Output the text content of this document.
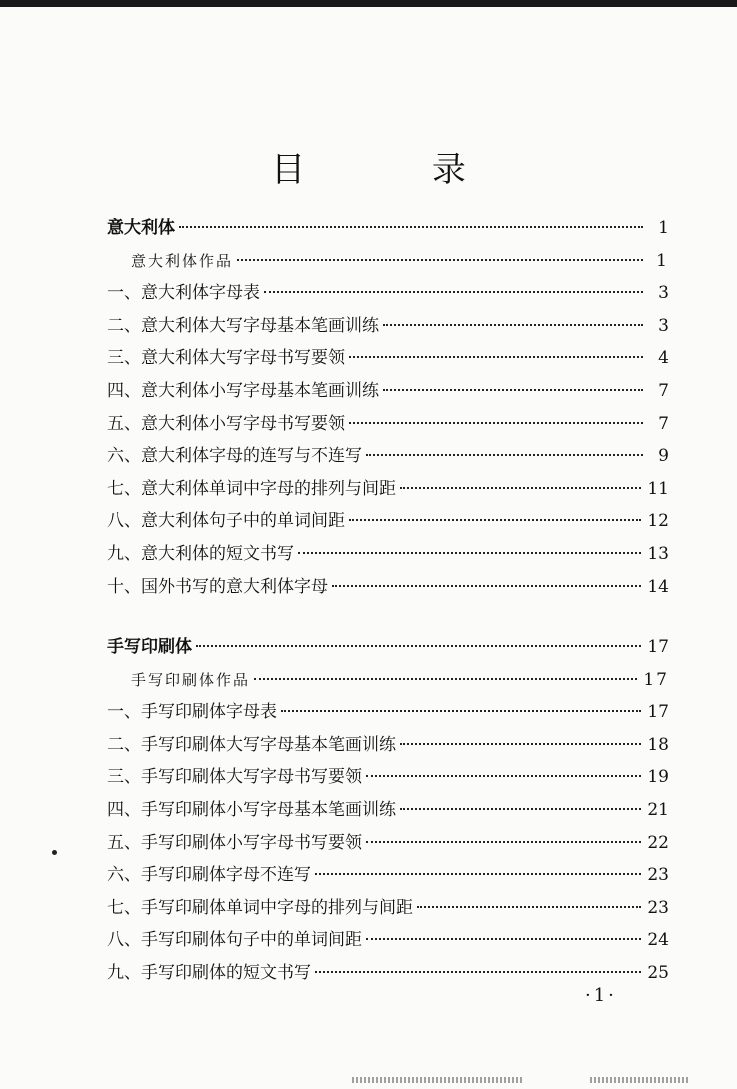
目 录
意大利体	1
意大利体作品	1
一、意大利体字母表	3
二、意大利体大写字母基本笔画训练	3
三、意大利体大写字母书写要领	4
四、意大利体小写字母基本笔画训练	7
五、意大利体小写字母书写要领	7
六、意大利体字母的连写与不连写	9
七、意大利体单词中字母的排列与间距	11
八、意大利体句子中的单词间距	12
九、意大利体的短文书写	13
十、国外书写的意大利体字母	14
手写印刷体	17
手写印刷体作品	17
一、手写印刷体字母表	17
二、手写印刷体大写字母基本笔画训练	18
三、手写印刷体大写字母书写要领	19
四、手写印刷体小写字母基本笔画训练	21
五、手写印刷体小写字母书写要领	22
六、手写印刷体字母不连写	23
七、手写印刷体单词中字母的排列与间距	23
八、手写印刷体句子中的单词间距	24
九、手写印刷体的短文书写	25
·1·
